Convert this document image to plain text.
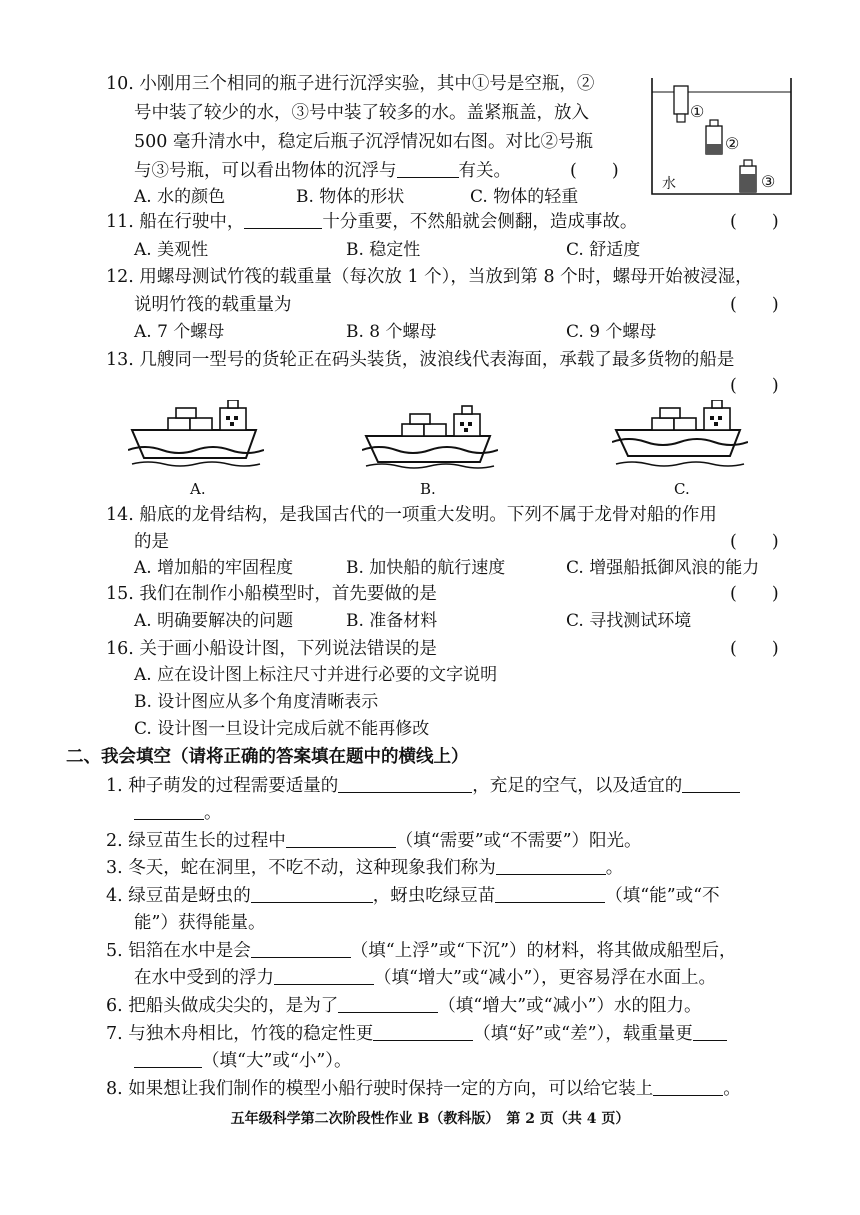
10. 小刚用三个相同的瓶子进行沉浮实验，其中①号是空瓶，②
号中装了较少的水，③号中装了较多的水。盖紧瓶盖，放入
500 毫升清水中，稳定后瓶子沉浮情况如右图。对比②号瓶
与③号瓶，可以看出物体的沉浮与	有关。	(　　)
A. 水的颜色	B. 物体的形状	C. 物体的轻重
①
②
③
水
11. 船在行驶中，	十分重要，不然船就会侧翻，造成事故。	(　　)
A. 美观性	B. 稳定性	C. 舒适度
12. 用螺母测试竹筏的载重量（每次放 1 个），当放到第 8 个时，螺母开始被浸湿，
说明竹筏的载重量为	(　　)
A. 7 个螺母	B. 8 个螺母	C. 9 个螺母
13. 几艘同一型号的货轮正在码头装货，波浪线代表海面，承载了最多货物的船是
(　　)
A.	B.	C.
14. 船底的龙骨结构，是我国古代的一项重大发明。下列不属于龙骨对船的作用
的是	(　　)
A. 增加船的牢固程度	B. 加快船的航行速度	C. 增强船抵御风浪的能力
15. 我们在制作小船模型时，首先要做的是	(　　)
A. 明确要解决的问题	B. 准备材料	C. 寻找测试环境
16. 关于画小船设计图，下列说法错误的是	(　　)
A. 应在设计图上标注尺寸并进行必要的文字说明
B. 设计图应从多个角度清晰表示
C. 设计图一旦设计完成后就不能再修改
二、我会填空（请将正确的答案填在题中的横线上）
1. 种子萌发的过程需要适量的	，充足的空气，以及适宜的
。
2. 绿豆苗生长的过程中	（填“需要”或“不需要”）阳光。
3. 冬天，蛇在洞里，不吃不动，这种现象我们称为	。
4. 绿豆苗是蚜虫的	，蚜虫吃绿豆苗	（填“能”或“不
能”）获得能量。
5. 铝箔在水中是会	（填“上浮”或“下沉”）的材料，将其做成船型后，
在水中受到的浮力	（填“增大”或“减小”），更容易浮在水面上。
6. 把船头做成尖尖的，是为了	（填“增大”或“减小”）水的阻力。
7. 与独木舟相比，竹筏的稳定性更	（填“好”或“差”），载重量更
（填“大”或“小”）。
8. 如果想让我们制作的模型小船行驶时保持一定的方向，可以给它装上	。
五年级科学第二次阶段性作业 B（教科版）　第 2 页（共 4 页）
